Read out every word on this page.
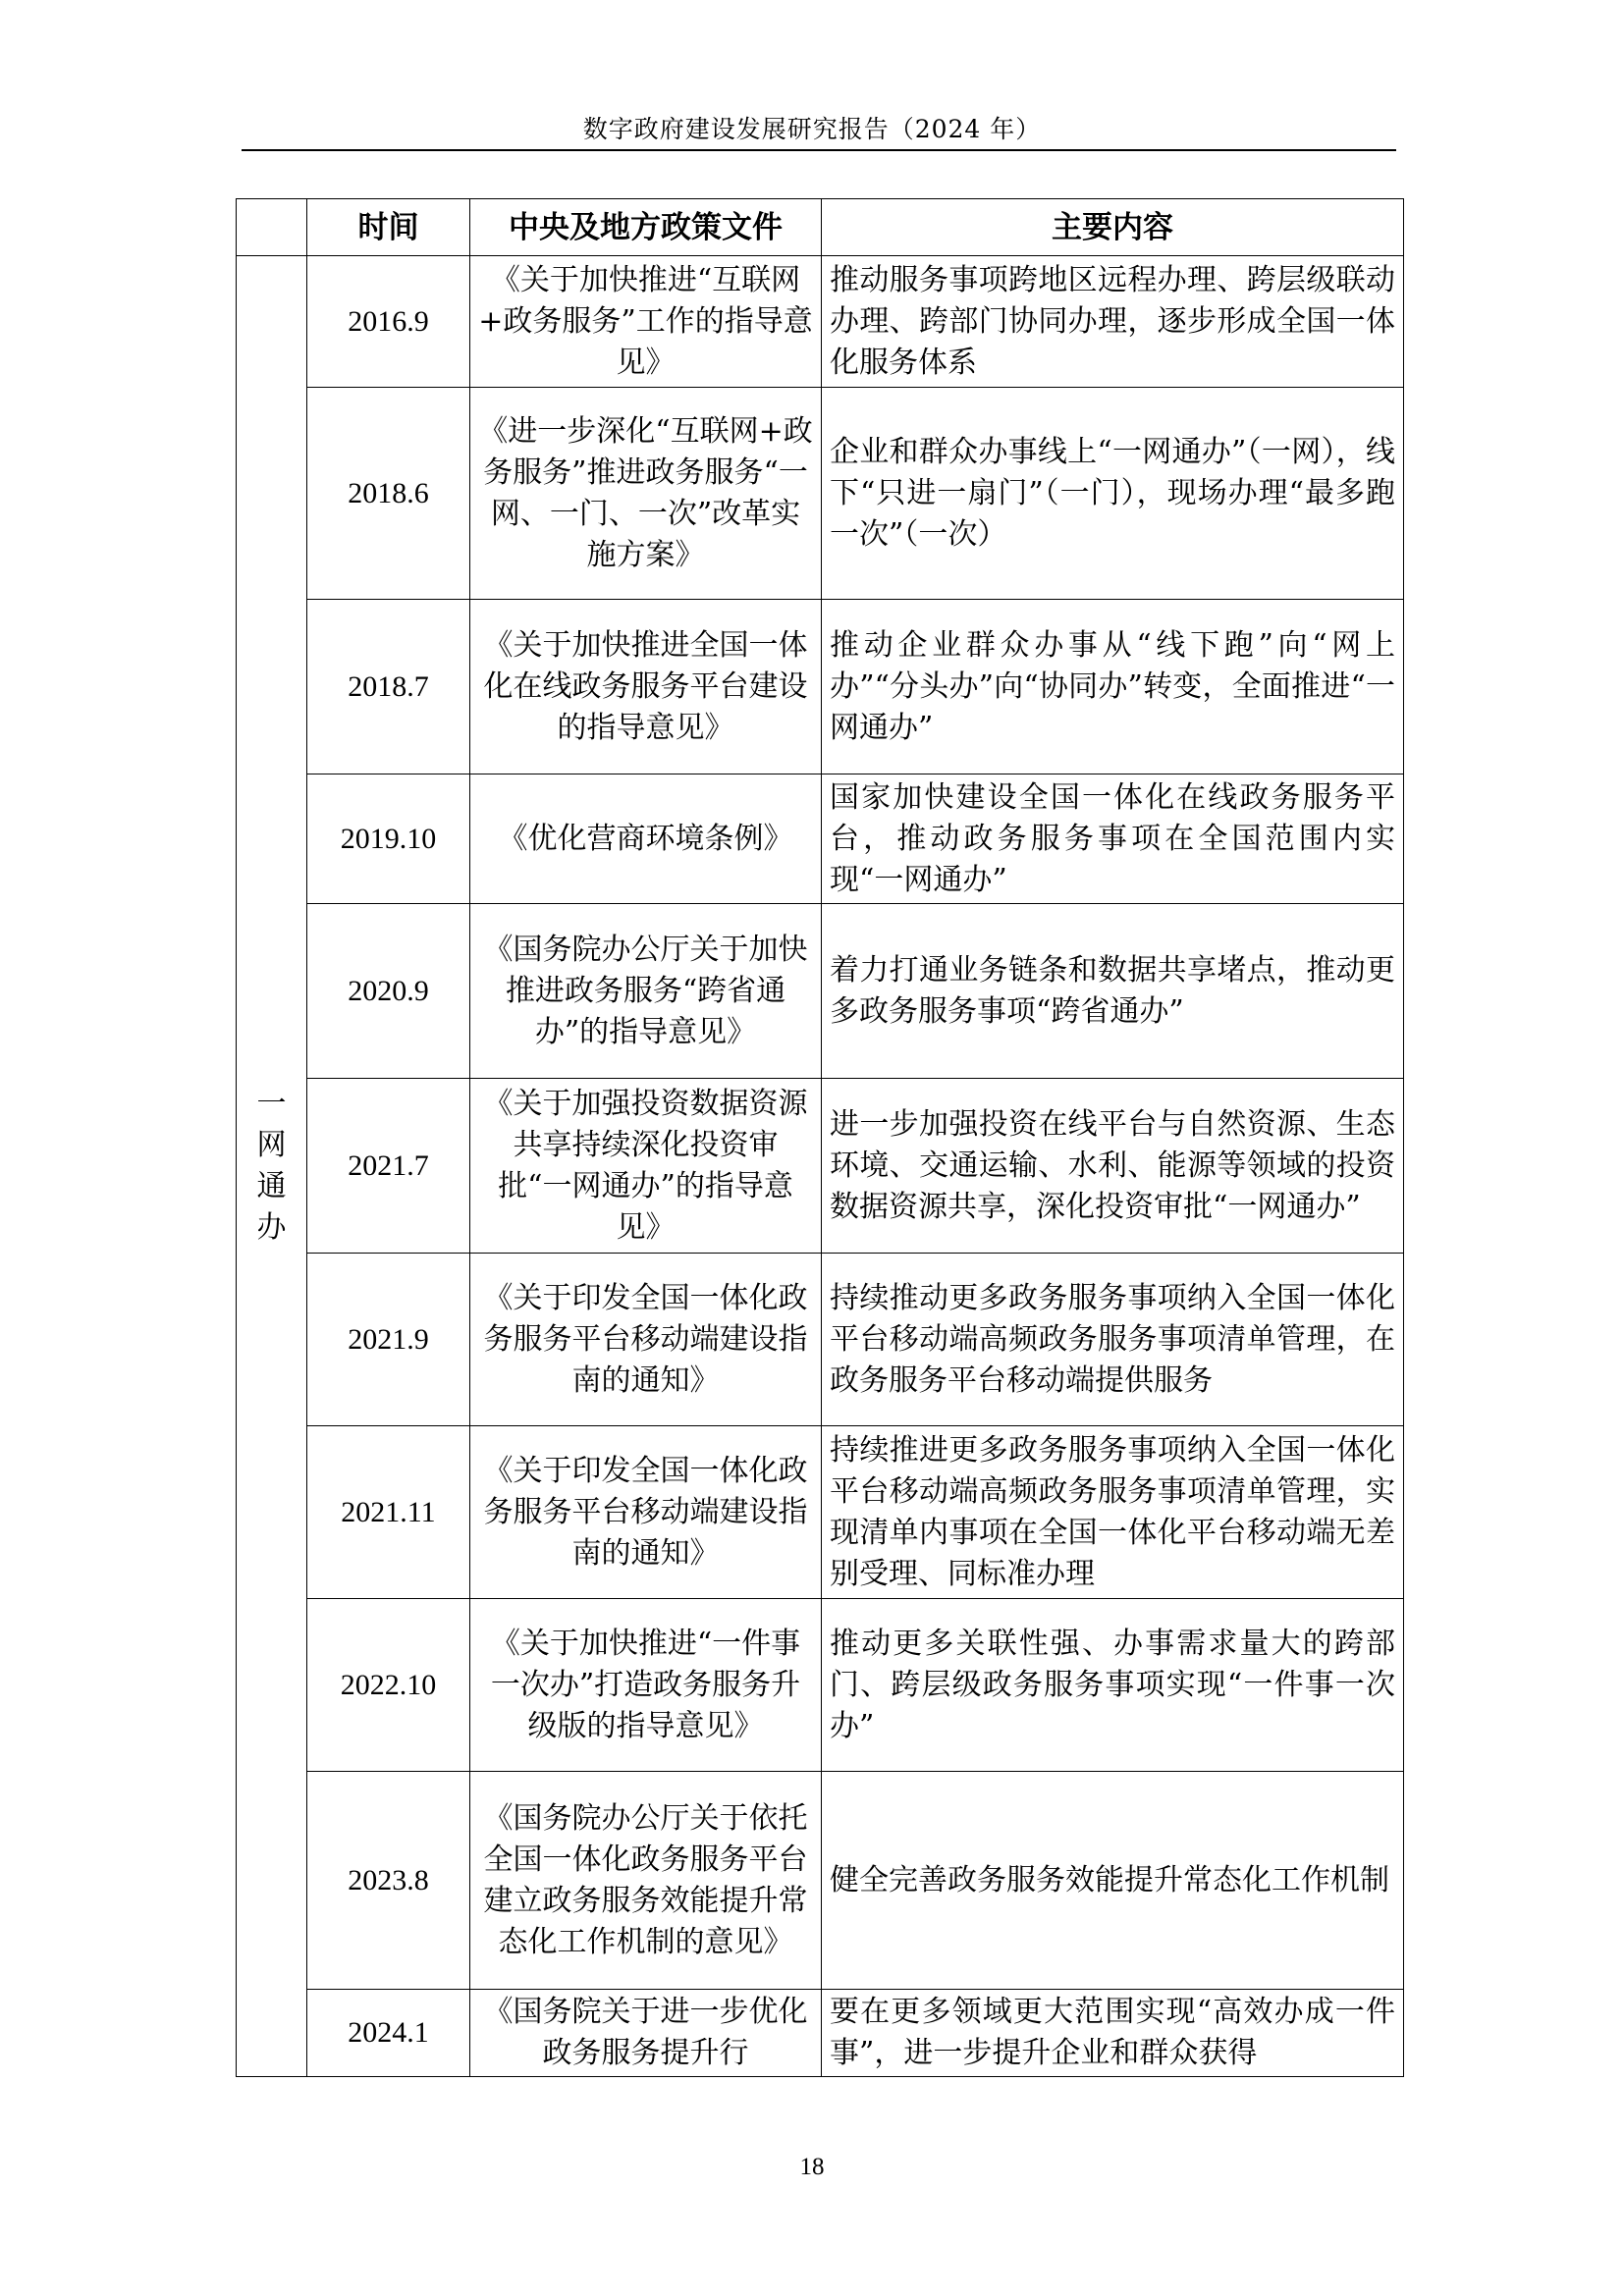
数字政府建设发展研究报告（2024 年）
	时间	中央及地方政策文件	主要内容
一网通办	2016.9	《关于加快推进“互联网+政务服务”工作的指导意见》	推动服务事项跨地区远程办理、跨层级联动办理、跨部门协同办理，逐步形成全国一体化服务体系
	2018.6	《进一步深化“互联网+政务服务”推进政务服务“一网、一门、一次”改革实施方案》	企业和群众办事线上“一网通办”（一网），线下“只进一扇门”（一门），现场办理“最多跑一次”（一次）
	2018.7	《关于加快推进全国一体化在线政务服务平台建设的指导意见》	推动企业群众办事从“线下跑”向“网上办”“分头办”向“协同办”转变，全面推进“一网通办”
	2019.10	《优化营商环境条例》	国家加快建设全国一体化在线政务服务平台，推动政务服务事项在全国范围内实现“一网通办”
	2020.9	《国务院办公厅关于加快推进政务服务“跨省通办”的指导意见》	着力打通业务链条和数据共享堵点，推动更多政务服务事项“跨省通办”
	2021.7	《关于加强投资数据资源共享持续深化投资审批“一网通办”的指导意见》	进一步加强投资在线平台与自然资源、生态环境、交通运输、水利、能源等领域的投资数据资源共享，深化投资审批“一网通办”
	2021.9	《关于印发全国一体化政务服务平台移动端建设指南的通知》	持续推动更多政务服务事项纳入全国一体化平台移动端高频政务服务事项清单管理，在政务服务平台移动端提供服务
	2021.11	《关于印发全国一体化政务服务平台移动端建设指南的通知》	持续推进更多政务服务事项纳入全国一体化平台移动端高频政务服务事项清单管理，实现清单内事项在全国一体化平台移动端无差别受理、同标准办理
	2022.10	《关于加快推进“一件事一次办”打造政务服务升级版的指导意见》	推动更多关联性强、办事需求量大的跨部门、跨层级政务服务事项实现“一件事一次办”
	2023.8	《国务院办公厅关于依托全国一体化政务服务平台建立政务服务效能提升常态化工作机制的意见》	健全完善政务服务效能提升常态化工作机制
	2024.1	《国务院关于进一步优化政务服务提升行	要在更多领域更大范围实现“高效办成一件事”，进一步提升企业和群众获得
18
